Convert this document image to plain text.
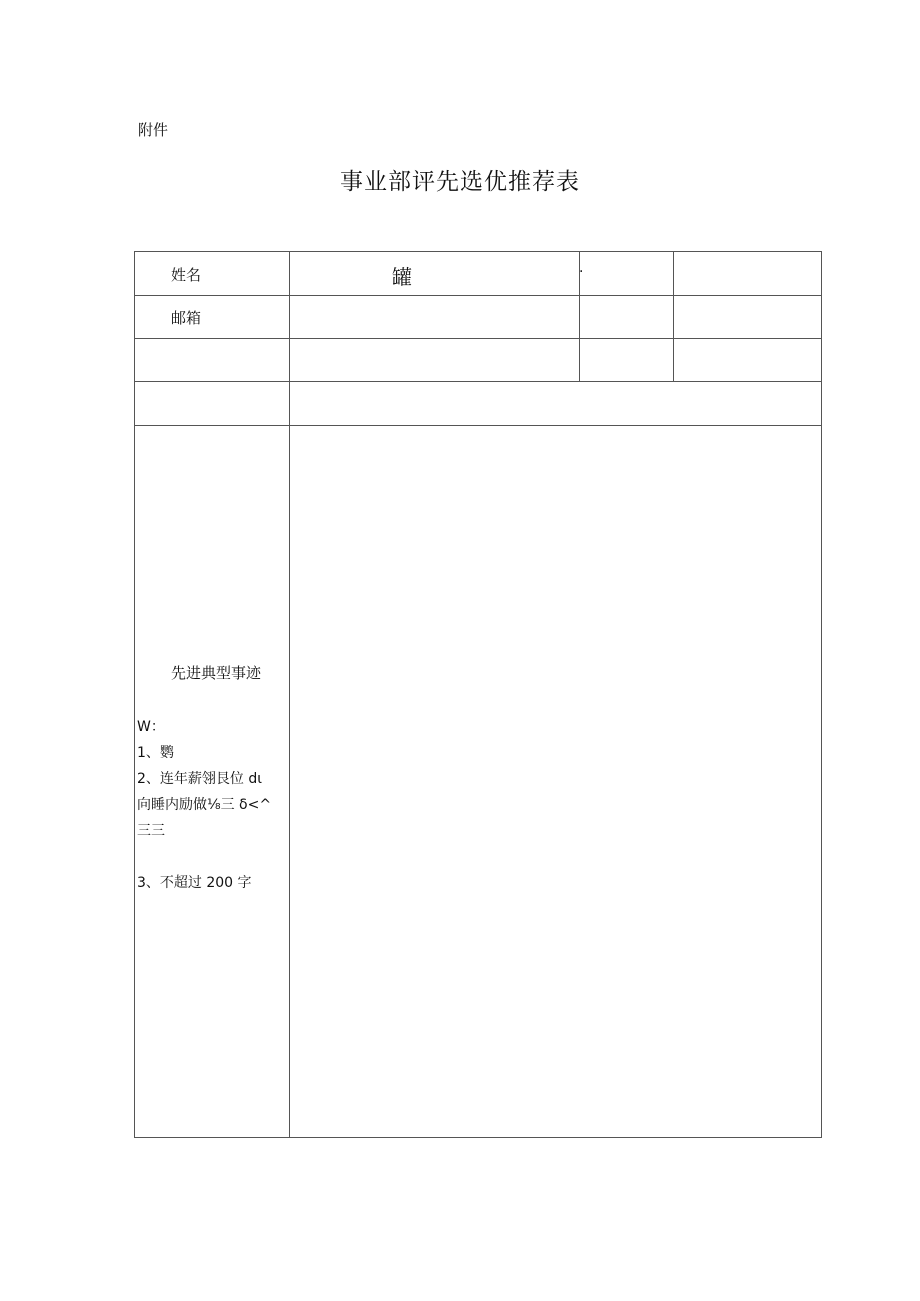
附件
事业部评先选优推荐表
姓名	罐	·
邮箱
先进典型事迹
W：
1、鹦
2、连年薪翎艮位 dι
向睡内励做⅛三 δ<^
三三
3、不超过 200 字
